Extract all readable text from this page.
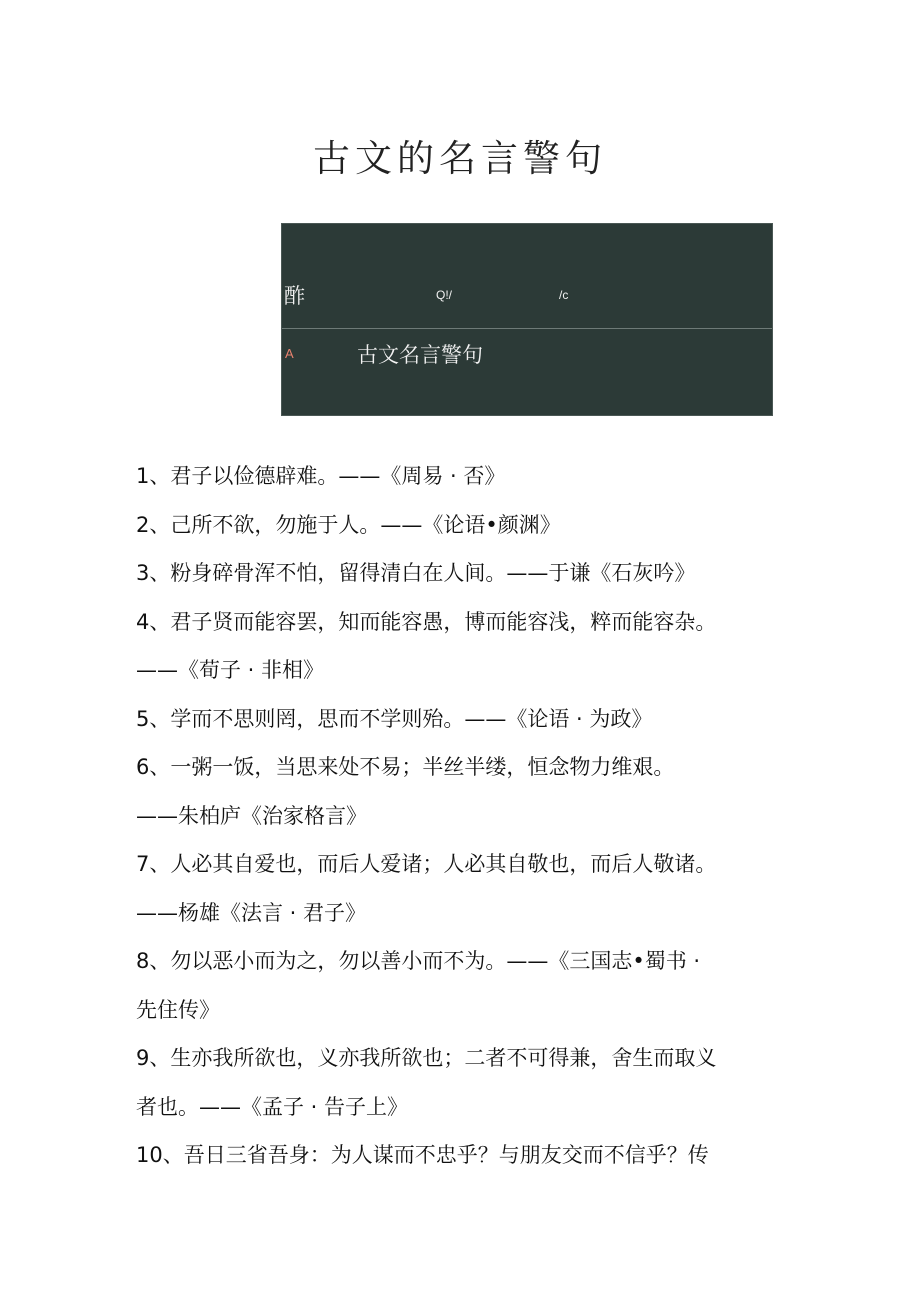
古文的名言警句
酢	Q!/	/c
A	古文名言警句
1、君子以俭德辟难。——《周易 · 否》
2、己所不欲，勿施于人。——《论语•颜渊》
3、粉身碎骨浑不怕，留得清白在人间。——于谦《石灰吟》
4、君子贤而能容罢，知而能容愚，博而能容浅，粹而能容杂。
——《荀子 · 非相》
5、学而不思则罔，思而不学则殆。——《论语 · 为政》
6、一粥一饭，当思来处不易；半丝半缕，恒念物力维艰。
——朱柏庐《治家格言》
7、人必其自爱也，而后人爱诸；人必其自敬也，而后人敬诸。
——杨雄《法言 · 君子》
8、勿以恶小而为之，勿以善小而不为。——《三国志•蜀书 ·
先住传》
9、生亦我所欲也，义亦我所欲也；二者不可得兼，舍生而取义
者也。——《孟子 · 告子上》
10、吾日三省吾身：为人谋而不忠乎？与朋友交而不信乎？传
